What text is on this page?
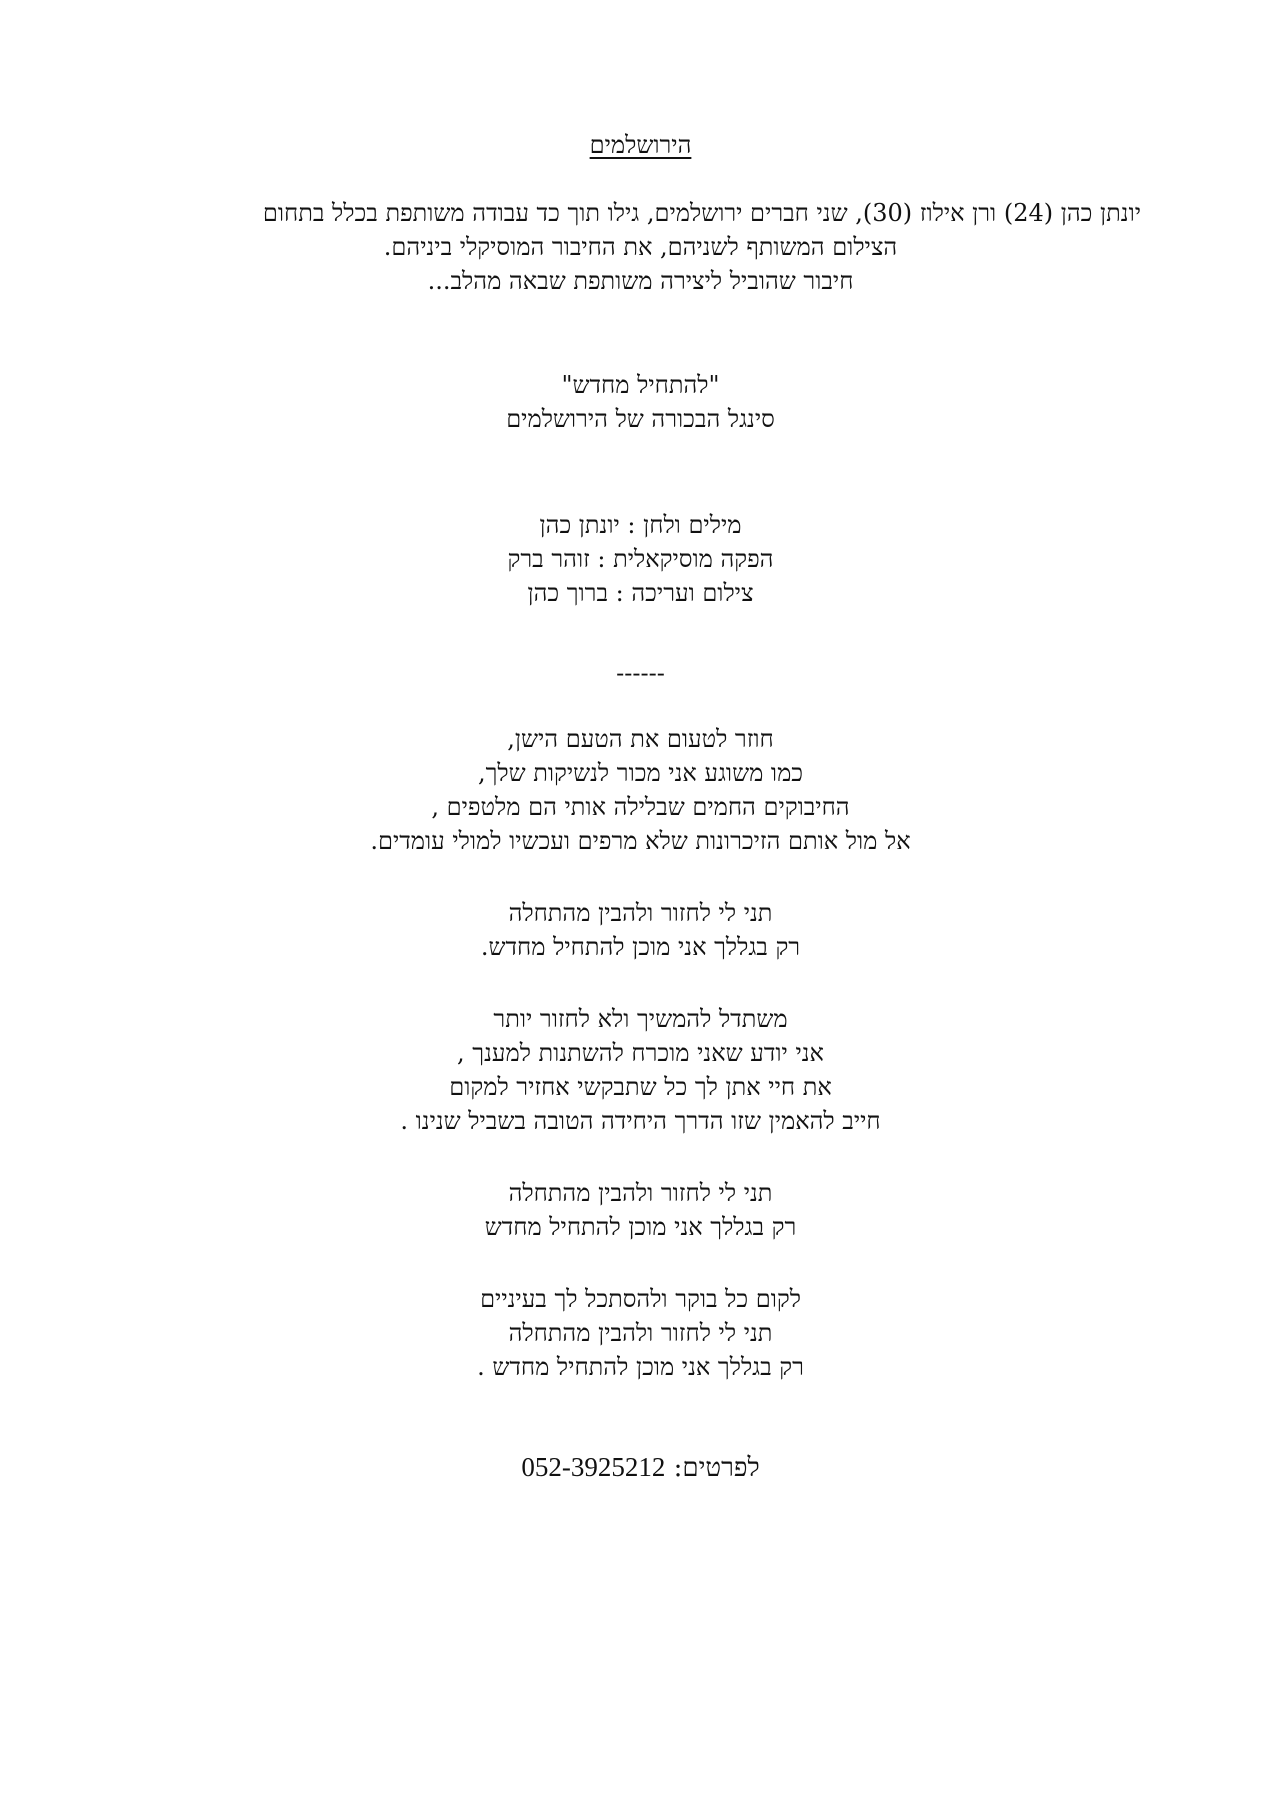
הירושלמים
יונתן כהן (24) ורן אילוז (30), שני חברים ירושלמים, גילו תוך כד עבודה משותפת בכלל בתחום
הצילום המשותף לשניהם, את החיבור המוסיקלי ביניהם.
חיבור שהוביל ליצירה משותפת שבאה מהלב...
"להתחיל מחדש"
סינגל הבכורה של הירושלמים
מילים ולחן : יונתן כהן
הפקה מוסיקאלית : זוהר ברק
צילום ועריכה : ברוך כהן
------
חוזר לטעום את הטעם הישן,
כמו משוגע אני מכור לנשיקות שלך,
החיבוקים החמים שבלילה אותי הם מלטפים ,
אל מול אותם הזיכרונות שלא מרפים ועכשיו למולי עומדים.
תני לי לחזור ולהבין מהתחלה
רק בגללך אני מוכן להתחיל מחדש.
משתדל להמשיך ולא לחזור יותר
אני יודע שאני מוכרח להשתנות למענך ,
את חיי אתן לך כל שתבקשי אחזיר למקום
חייב להאמין שזו הדרך היחידה הטובה בשביל שנינו .
תני לי לחזור ולהבין מהתחלה
רק בגללך אני מוכן להתחיל מחדש
לקום כל בוקר ולהסתכל לך בעיניים
תני לי לחזור ולהבין מהתחלה
רק בגללך אני מוכן להתחיל מחדש .
לפרטים: 052-3925212
